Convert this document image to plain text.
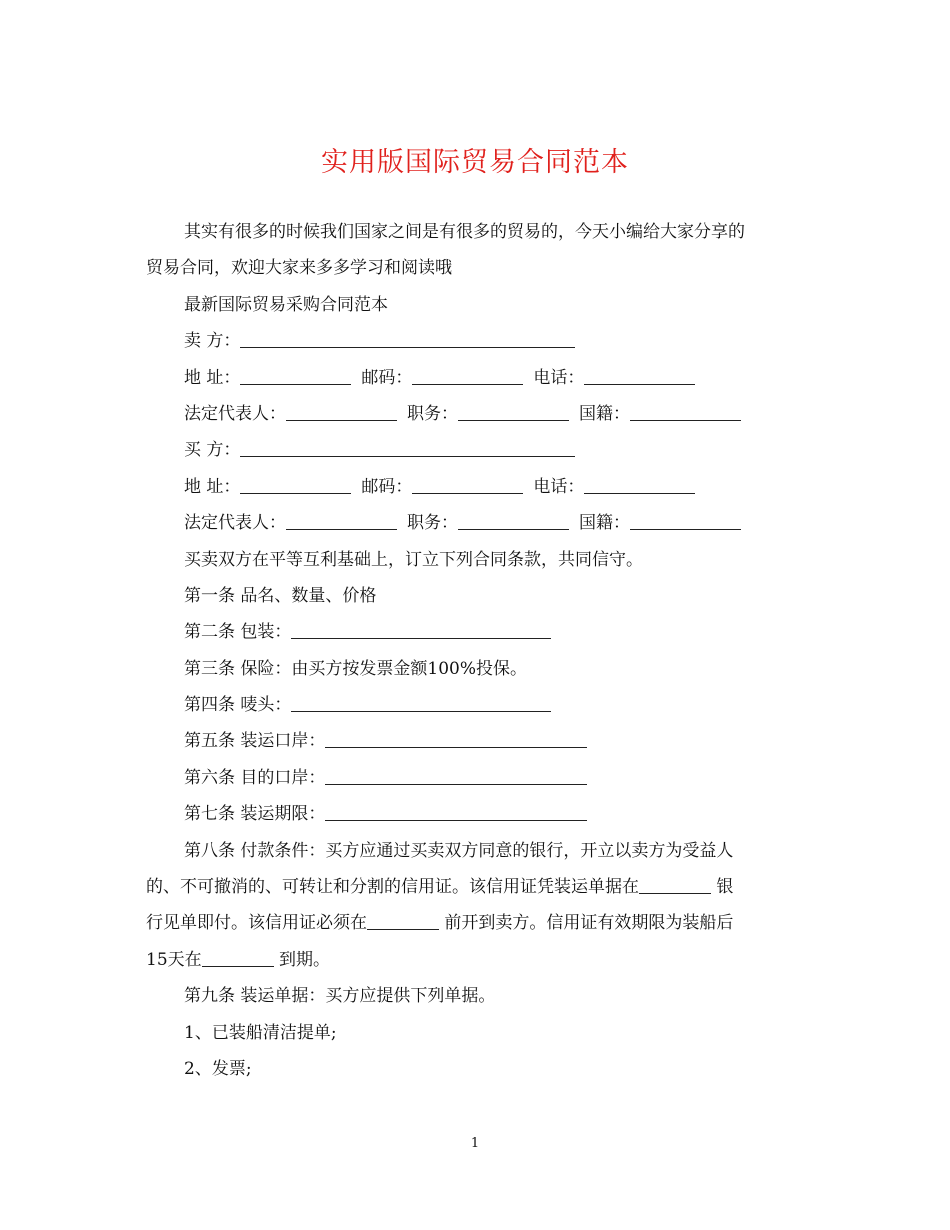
实用版国际贸易合同范本
其实有很多的时候我们国家之间是有很多的贸易的，今天小编给大家分享的
贸易合同，欢迎大家来多多学习和阅读哦
最新国际贸易采购合同范本
卖 方：
地 址：	邮码：	电话：
法定代表人：	职务：	国籍：
买 方：
地 址：	邮码：	电话：
法定代表人：	职务：	国籍：
买卖双方在平等互利基础上，订立下列合同条款，共同信守。
第一条 品名、数量、价格
第二条 包装：
第三条 保险：由买方按发票金额100%投保。
第四条 唛头：
第五条 装运口岸：
第六条 目的口岸：
第七条 装运期限：
第八条 付款条件：买方应通过买卖双方同意的银行，开立以卖方为受益人
的、不可撤消的、可转让和分割的信用证。该信用证凭装运单据在	银
行见单即付。该信用证必须在	前开到卖方。信用证有效期限为装船后
15天在	到期。
第九条 装运单据：买方应提供下列单据。
1、已装船清洁提单;
2、发票;
1
